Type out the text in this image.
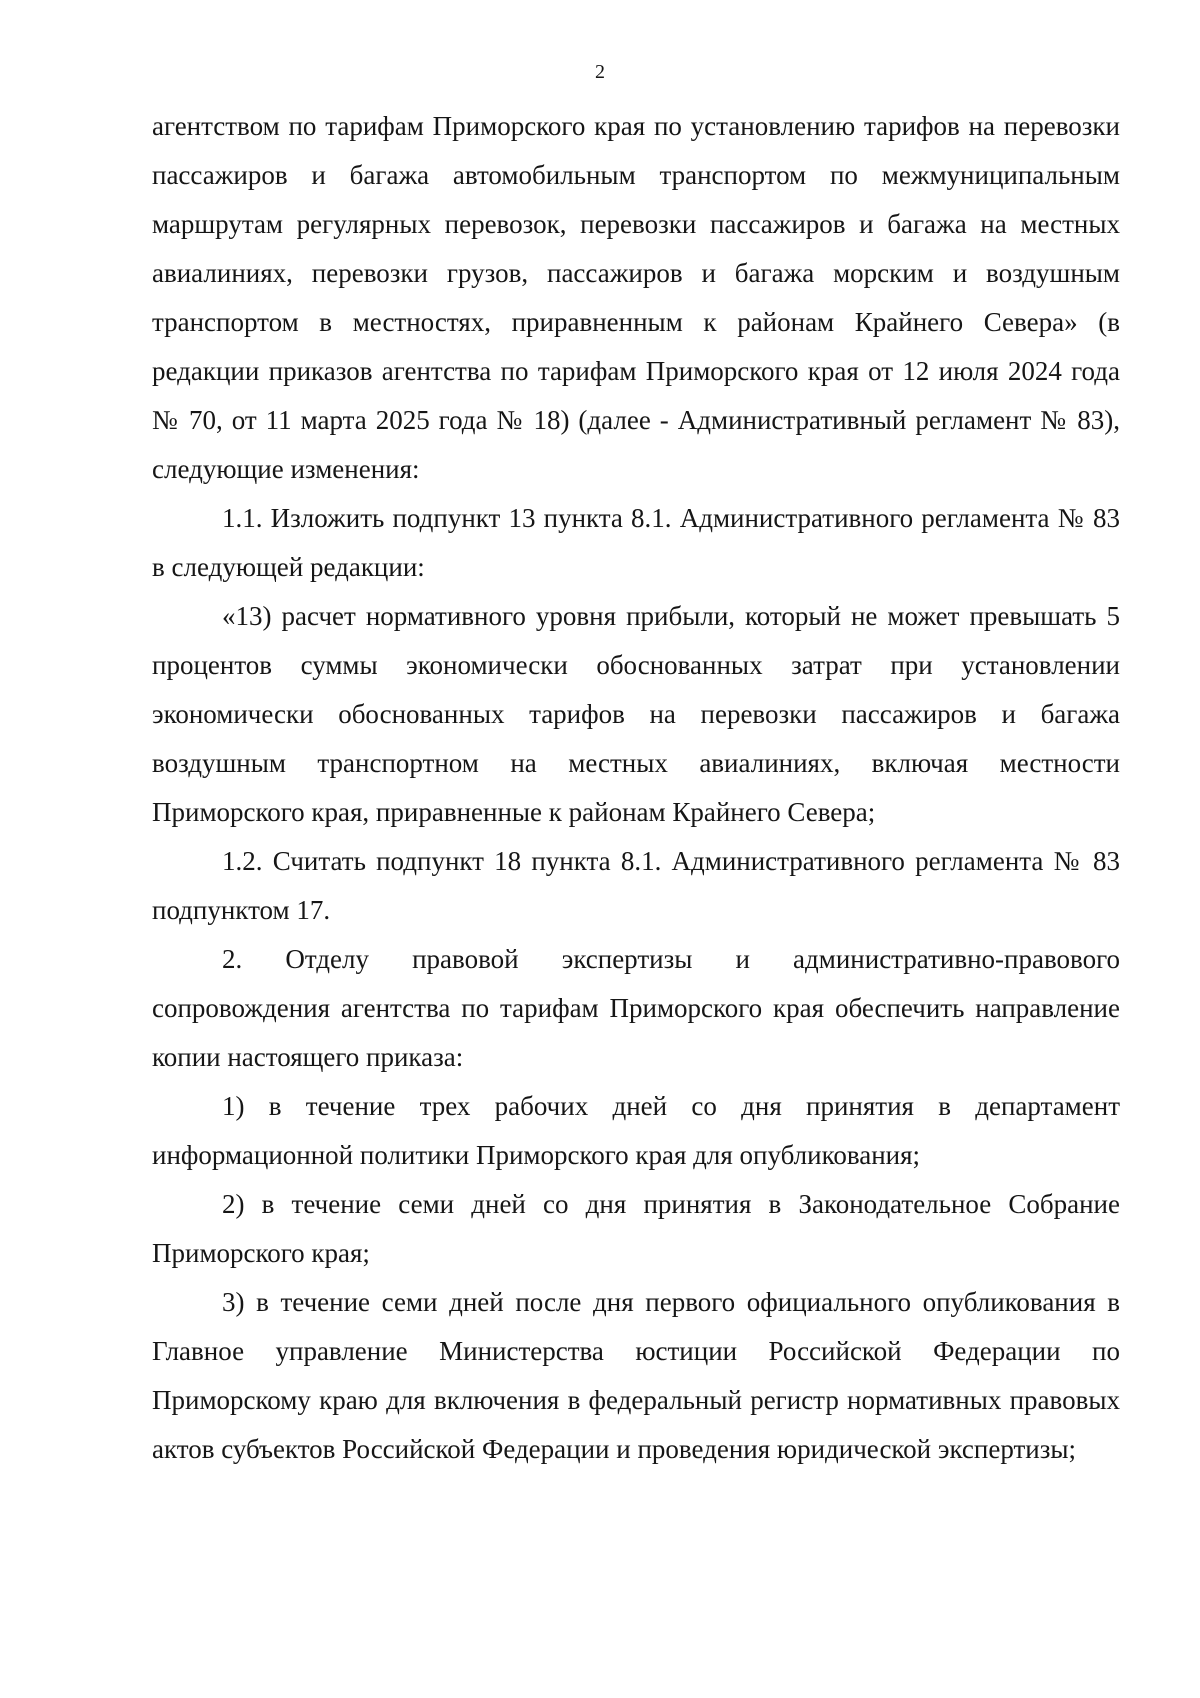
2

агентством по тарифам Приморского края по установлению тарифов на перевозки пассажиров и багажа автомобильным транспортом по межмуниципальным маршрутам регулярных перевозок, перевозки пассажиров и багажа на местных авиалиниях, перевозки грузов, пассажиров и багажа морским и воздушным транспортом в местностях, приравненным к районам Крайнего Севера» (в редакции приказов агентства по тарифам Приморского края от 12 июля 2024 года № 70, от 11 марта 2025 года № 18) (далее - Административный регламент № 83), следующие изменения:

1.1. Изложить подпункт 13 пункта 8.1. Административного регламента № 83 в следующей редакции:

«13) расчет нормативного уровня прибыли, который не может превышать 5 процентов суммы экономически обоснованных затрат при установлении экономически обоснованных тарифов на перевозки пассажиров и багажа воздушным транспортном на местных авиалиниях, включая местности Приморского края, приравненные к районам Крайнего Севера;

1.2. Считать подпункт 18 пункта 8.1. Административного регламента № 83 подпунктом 17.

2. Отделу правовой экспертизы и административно-правового сопровождения агентства по тарифам Приморского края обеспечить направление копии настоящего приказа:

1) в течение трех рабочих дней со дня принятия в департамент информационной политики Приморского края для опубликования;

2) в течение семи дней со дня принятия в Законодательное Собрание Приморского края;

3) в течение семи дней после дня первого официального опубликования в Главное управление Министерства юстиции Российской Федерации по Приморскому краю для включения в федеральный регистр нормативных правовых актов субъектов Российской Федерации и проведения юридической экспертизы;
